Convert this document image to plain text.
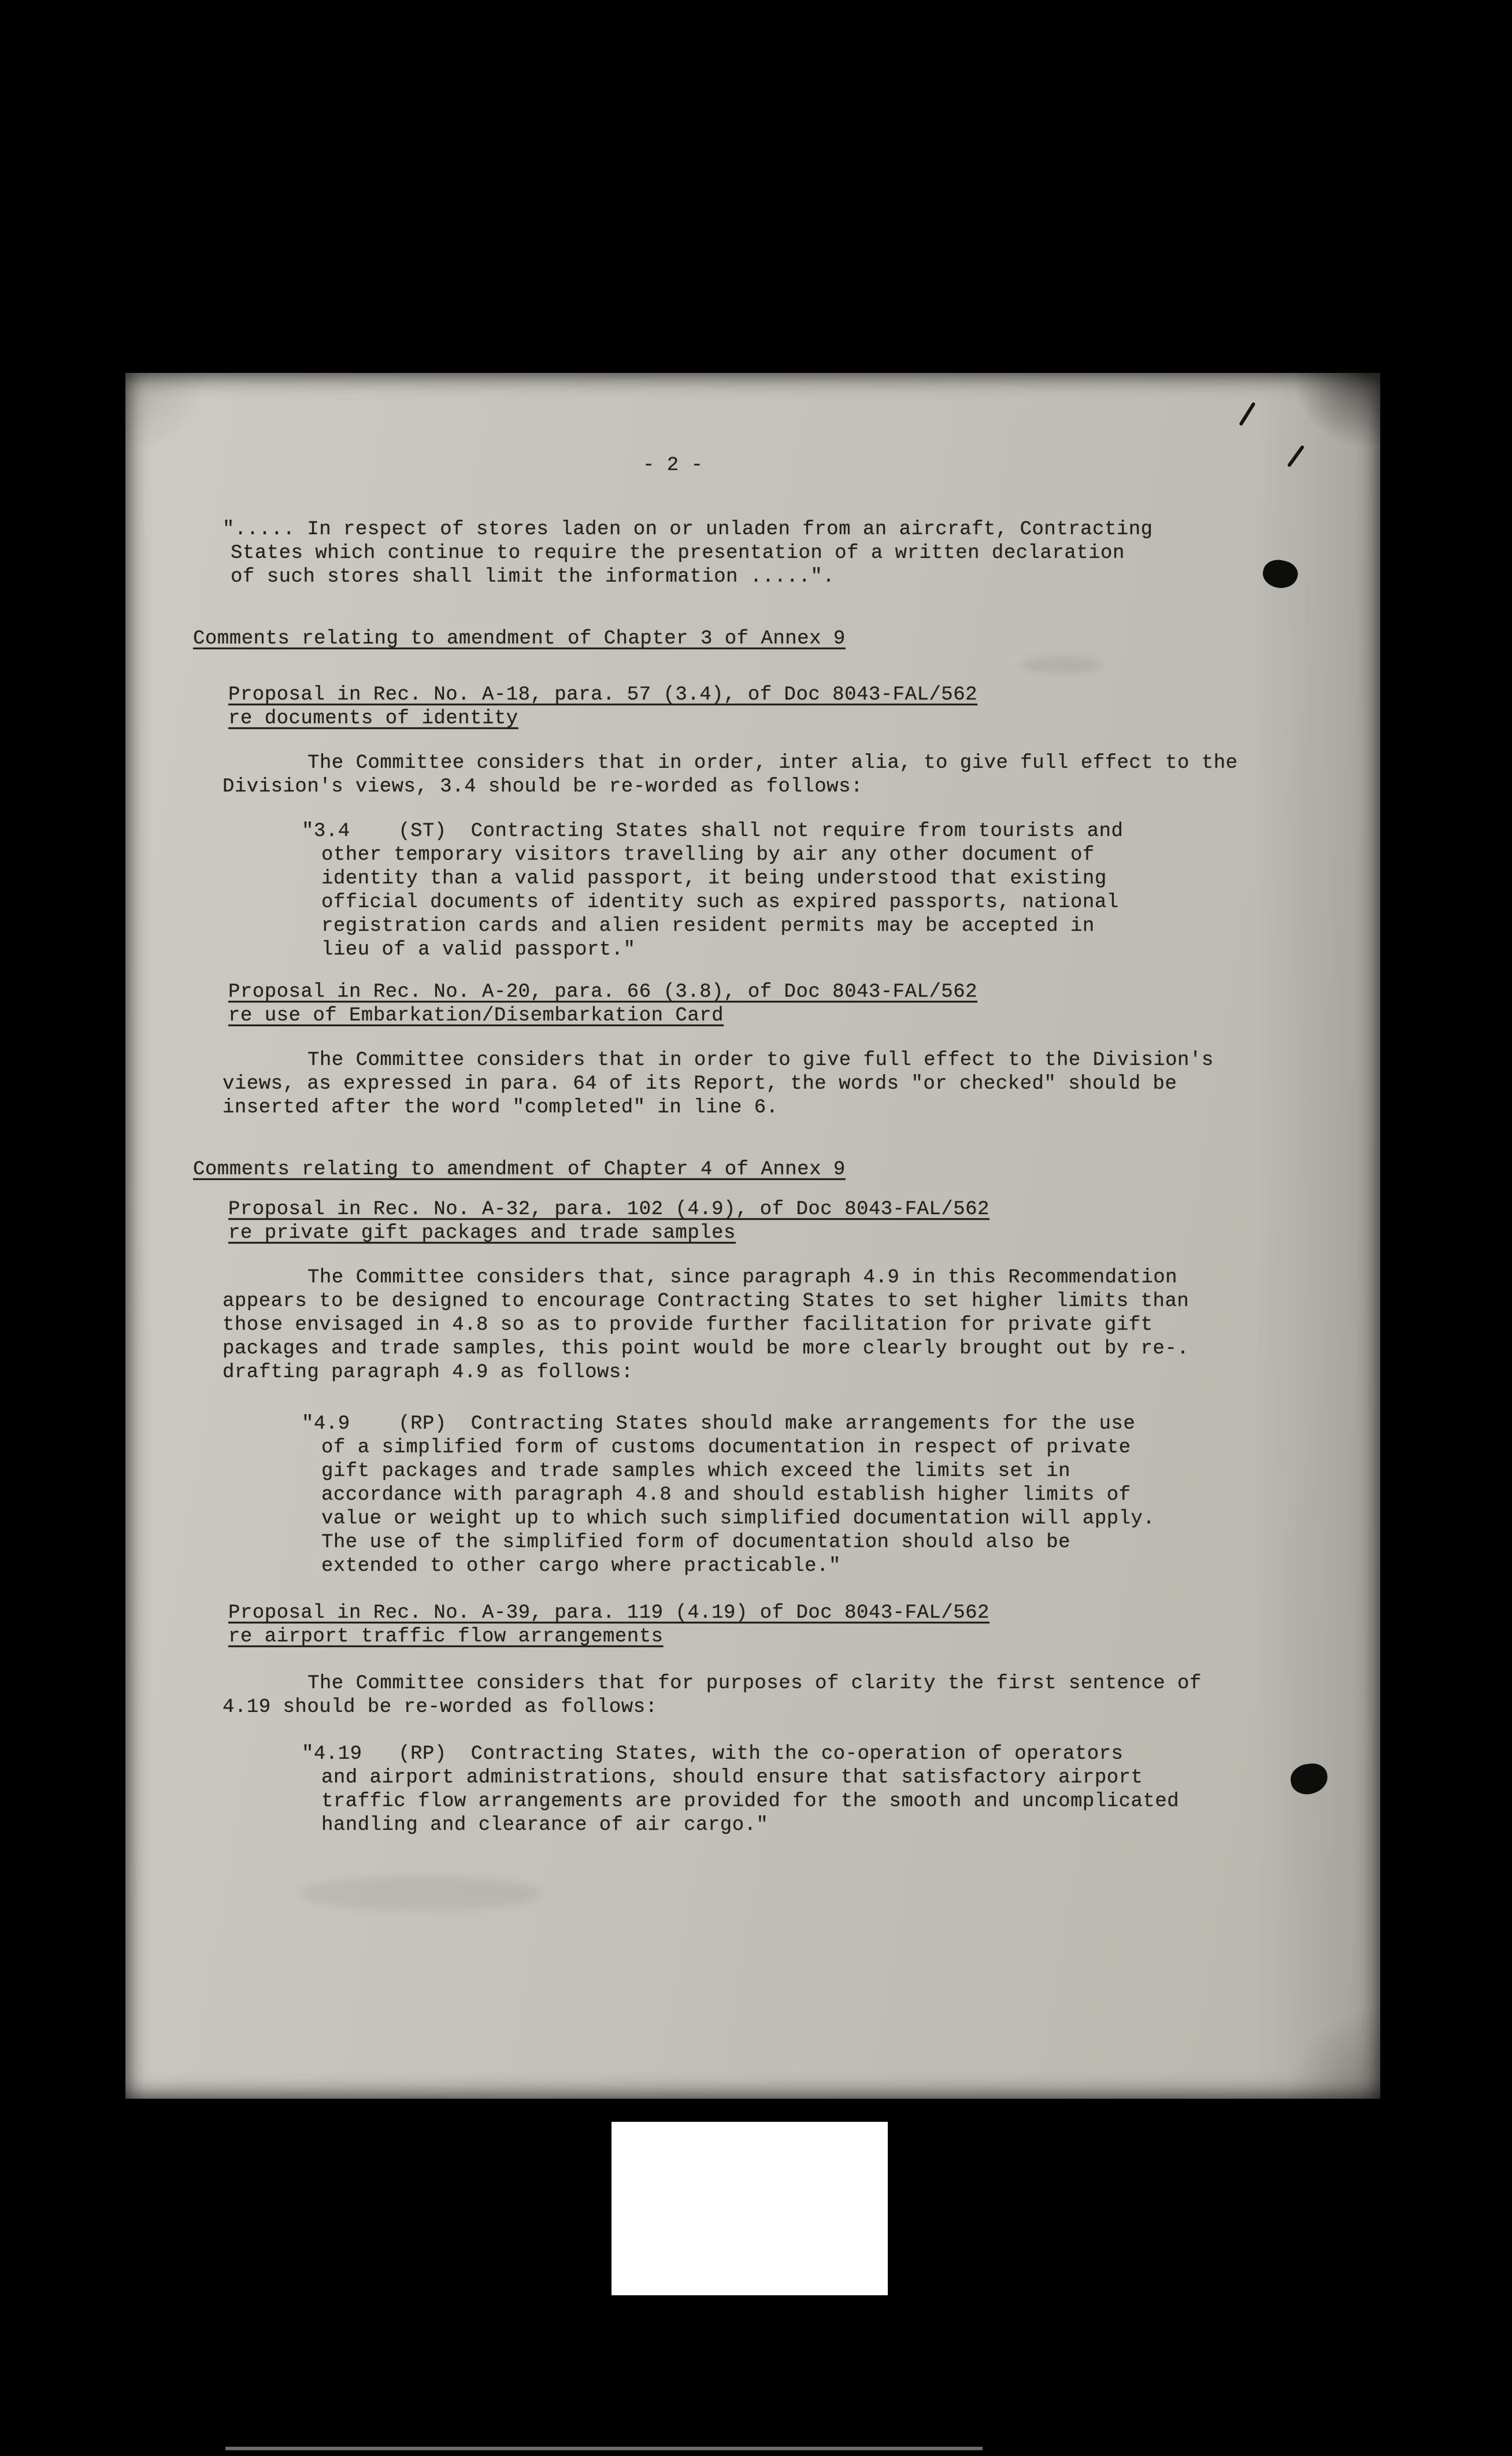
- 2 -
"..... In respect of stores laden on or unladen from an aircraft, Contracting
States which continue to require the presentation of a written declaration
of such stores shall limit the information .....".
Comments relating to amendment of Chapter 3 of Annex 9
Proposal in Rec. No. A-18, para. 57 (3.4), of Doc 8043-FAL/562
re documents of identity
The Committee considers that in order, inter alia, to give full effect to the
Division's views, 3.4 should be re-worded as follows:
"3.4    (ST)  Contracting States shall not require from tourists and
other temporary visitors travelling by air any other document of
identity than a valid passport, it being understood that existing
official documents of identity such as expired passports, national
registration cards and alien resident permits may be accepted in
lieu of a valid passport."
Proposal in Rec. No. A-20, para. 66 (3.8), of Doc 8043-FAL/562
re use of Embarkation/Disembarkation Card
The Committee considers that in order to give full effect to the Division's
views, as expressed in para. 64 of its Report, the words "or checked" should be
inserted after the word "completed" in line 6.
Comments relating to amendment of Chapter 4 of Annex 9
Proposal in Rec. No. A-32, para. 102 (4.9), of Doc 8043-FAL/562
re private gift packages and trade samples
The Committee considers that, since paragraph 4.9 in this Recommendation
appears to be designed to encourage Contracting States to set higher limits than
those envisaged in 4.8 so as to provide further facilitation for private gift
packages and trade samples, this point would be more clearly brought out by re-.
drafting paragraph 4.9 as follows:
"4.9    (RP)  Contracting States should make arrangements for the use
of a simplified form of customs documentation in respect of private
gift packages and trade samples which exceed the limits set in
accordance with paragraph 4.8 and should establish higher limits of
value or weight up to which such simplified documentation will apply.
The use of the simplified form of documentation should also be
extended to other cargo where practicable."
Proposal in Rec. No. A-39, para. 119 (4.19) of Doc 8043-FAL/562
re airport traffic flow arrangements
The Committee considers that for purposes of clarity the first sentence of
4.19 should be re-worded as follows:
"4.19   (RP)  Contracting States, with the co-operation of operators
and airport administrations, should ensure that satisfactory airport
traffic flow arrangements are provided for the smooth and uncomplicated
handling and clearance of air cargo."
